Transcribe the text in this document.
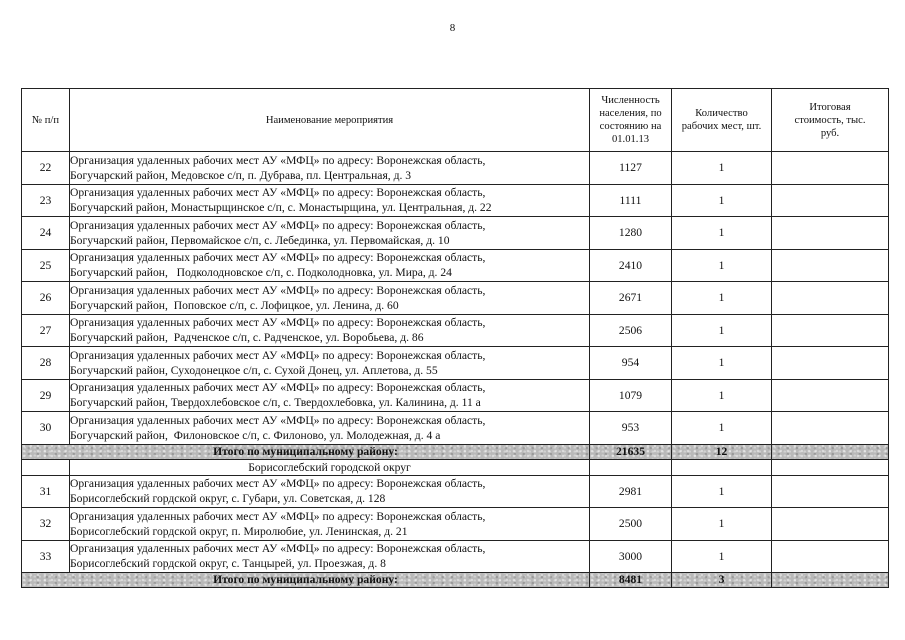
8
№ п/п	Наименование мероприятия	Численность
населения, по
состоянию на
01.01.13	Количество
рабочих мест, шт.	Итоговая
стоимость, тыс.
руб.
22	Организация удаленных рабочих мест АУ «МФЦ» по адресу: Воронежская область,
Богучарский район, Медовское с/п, п. Дубрава, пл. Центральная, д. 3	1127	1	
23	Организация удаленных рабочих мест АУ «МФЦ» по адресу: Воронежская область,
Богучарский район, Монастырщинское с/п, с. Монастырщина, ул. Центральная, д. 22	1111	1	
24	Организация удаленных рабочих мест АУ «МФЦ» по адресу: Воронежская область,
Богучарский район, Первомайское с/п, с. Лебединка, ул. Первомайская, д. 10	1280	1	
25	Организация удаленных рабочих мест АУ «МФЦ» по адресу: Воронежская область,
Богучарский район,   Подколодновское с/п, с. Подколодновка, ул. Мира, д. 24	2410	1	
26	Организация удаленных рабочих мест АУ «МФЦ» по адресу: Воронежская область,
Богучарский район,  Поповское с/п, с. Лофицкое, ул. Ленина, д. 60	2671	1	
27	Организация удаленных рабочих мест АУ «МФЦ» по адресу: Воронежская область,
Богучарский район,  Радченское с/п, с. Радченское, ул. Воробьева, д. 86	2506	1	
28	Организация удаленных рабочих мест АУ «МФЦ» по адресу: Воронежская область,
Богучарский район, Суходонецкое с/п, с. Сухой Донец, ул. Аплетова, д. 55	954	1	
29	Организация удаленных рабочих мест АУ «МФЦ» по адресу: Воронежская область,
Богучарский район, Твердохлебовское с/п, с. Твердохлебовка, ул. Калинина, д. 11 а	1079	1	
30	Организация удаленных рабочих мест АУ «МФЦ» по адресу: Воронежская область,
Богучарский район,  Филоновское с/п, с. Филоново, ул. Молодежная, д. 4 а	953	1	
Итого по муниципальному району:		21635	12	
	Борисоглебский городской округ			
31	Организация удаленных рабочих мест АУ «МФЦ» по адресу: Воронежская область,
Борисоглебский гордской округ, с. Губари, ул. Советская, д. 128	2981	1	
32	Организация удаленных рабочих мест АУ «МФЦ» по адресу: Воронежская область,
Борисоглебский гордской округ, п. Миролюбие, ул. Ленинская, д. 21	2500	1	
33	Организация удаленных рабочих мест АУ «МФЦ» по адресу: Воронежская область,
Борисоглебский гордской округ, с. Танцырей, ул. Проезжая, д. 8	3000	1	
Итого по муниципальному району:		8481	3	
